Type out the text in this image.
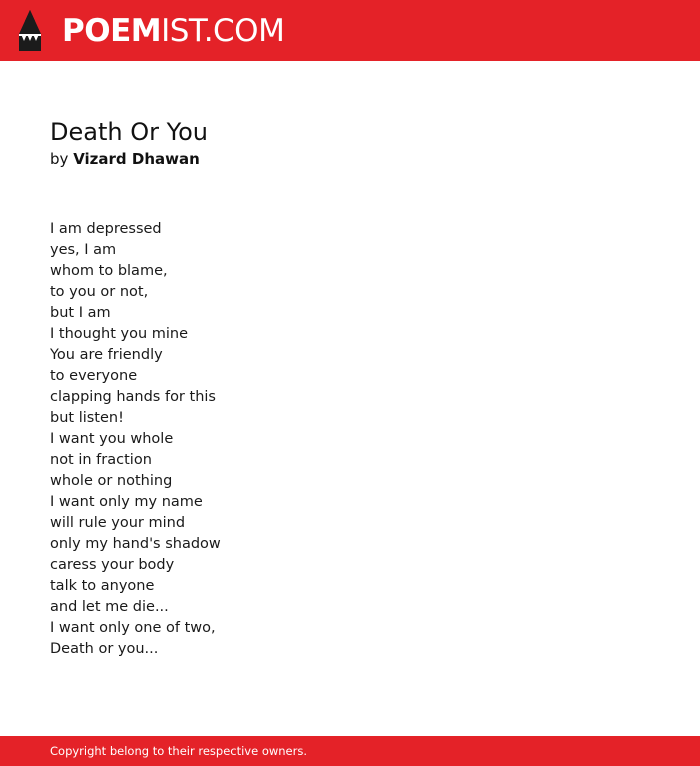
POEMIST.COM
Death Or You
by Vizard Dhawan
I am depressed
yes, I am
whom to blame,
to you or not,
but I am
I thought you mine
You are friendly
to everyone
clapping hands for this
but listen!
I want you whole
not in fraction
whole or nothing
I want only my name
will rule your mind
only my hand's shadow
caress your body
talk to anyone
and let me die...
I want only one of two,
Death or you...
Copyright belong to their respective owners.
